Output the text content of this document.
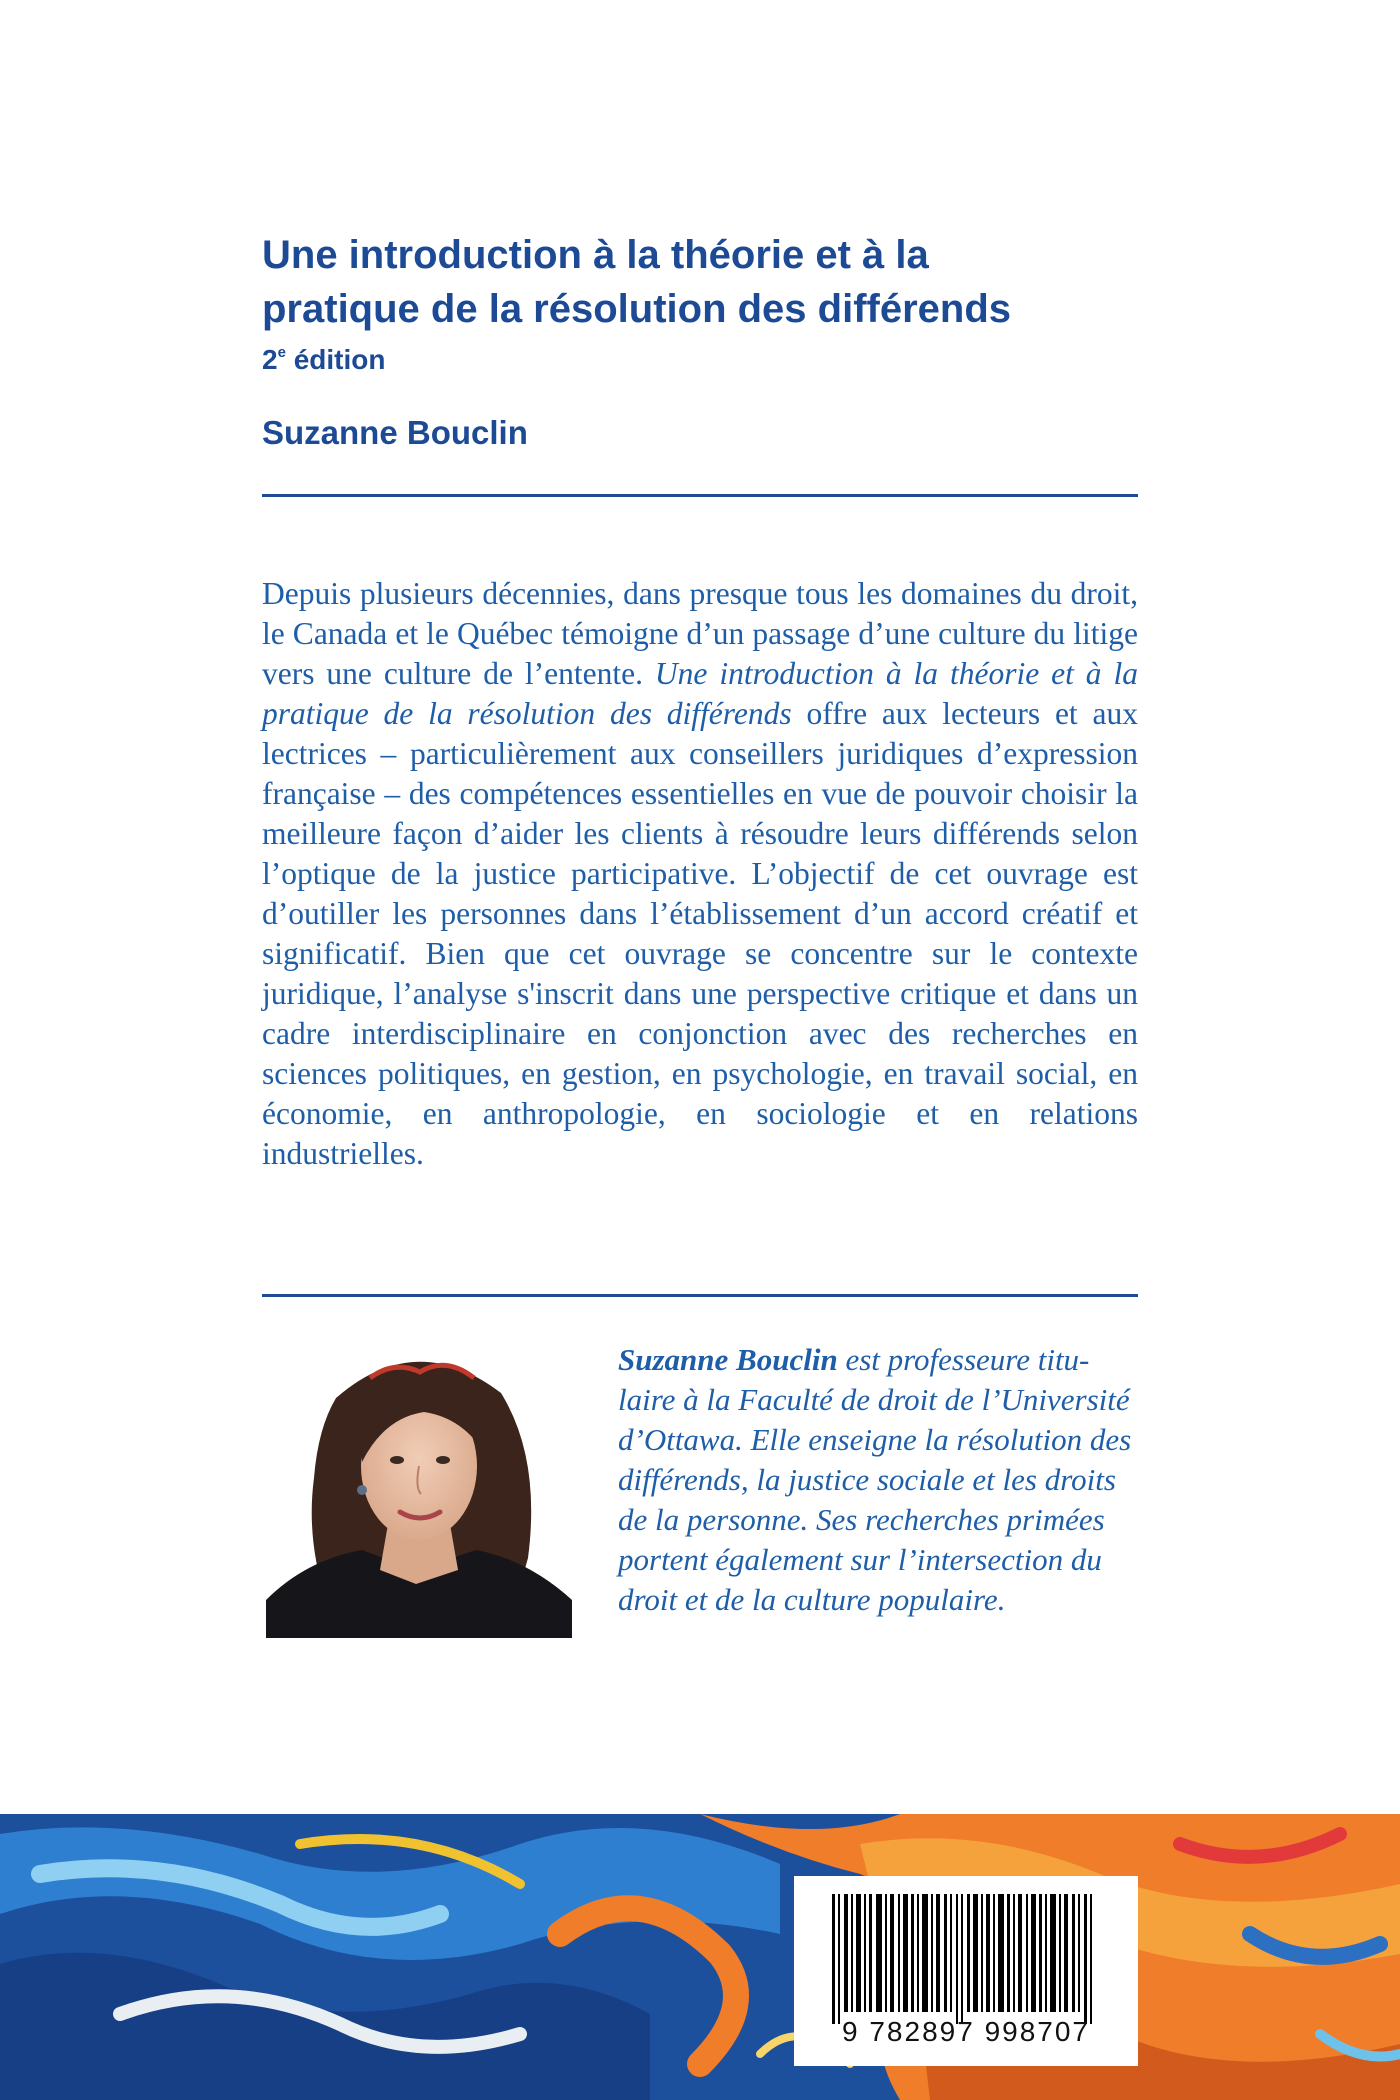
Une introduction à la théorie et à la
pratique de la résolution des différends
2e édition
Suzanne Bouclin

Depuis plusieurs décennies, dans presque tous les domaines du droit, le Canada et le Québec témoigne d’un passage d’une culture du litige vers une culture de l’entente. Une introduction à la théorie et à la pratique de la résolution des différends offre aux lecteurs et aux lectrices – particulièrement aux conseillers juridiques d’expression française – des compétences essentielles en vue de pouvoir choisir la meilleure façon d’aider les clients à résoudre leurs différends selon l’optique de la justice participative. L’objectif de cet ouvrage est d’outiller les personnes dans l’établissement d’un accord créatif et significatif. Bien que cet ouvrage se concentre sur le contexte juridique, l’analyse s'inscrit dans une perspective critique et dans un cadre interdisciplinaire en conjonction avec des recherches en sciences politiques, en gestion, en psychologie, en travail social, en économie, en anthropologie, en sociologie et en relations industrielles.

Suzanne Bouclin est professeure titu-
laire à la Faculté de droit de l’Université
d’Ottawa. Elle enseigne la résolution des
différends, la justice sociale et les droits
de la personne. Ses recherches primées
portent également sur l’intersection du
droit et de la culture populaire.

9 782897 998707
